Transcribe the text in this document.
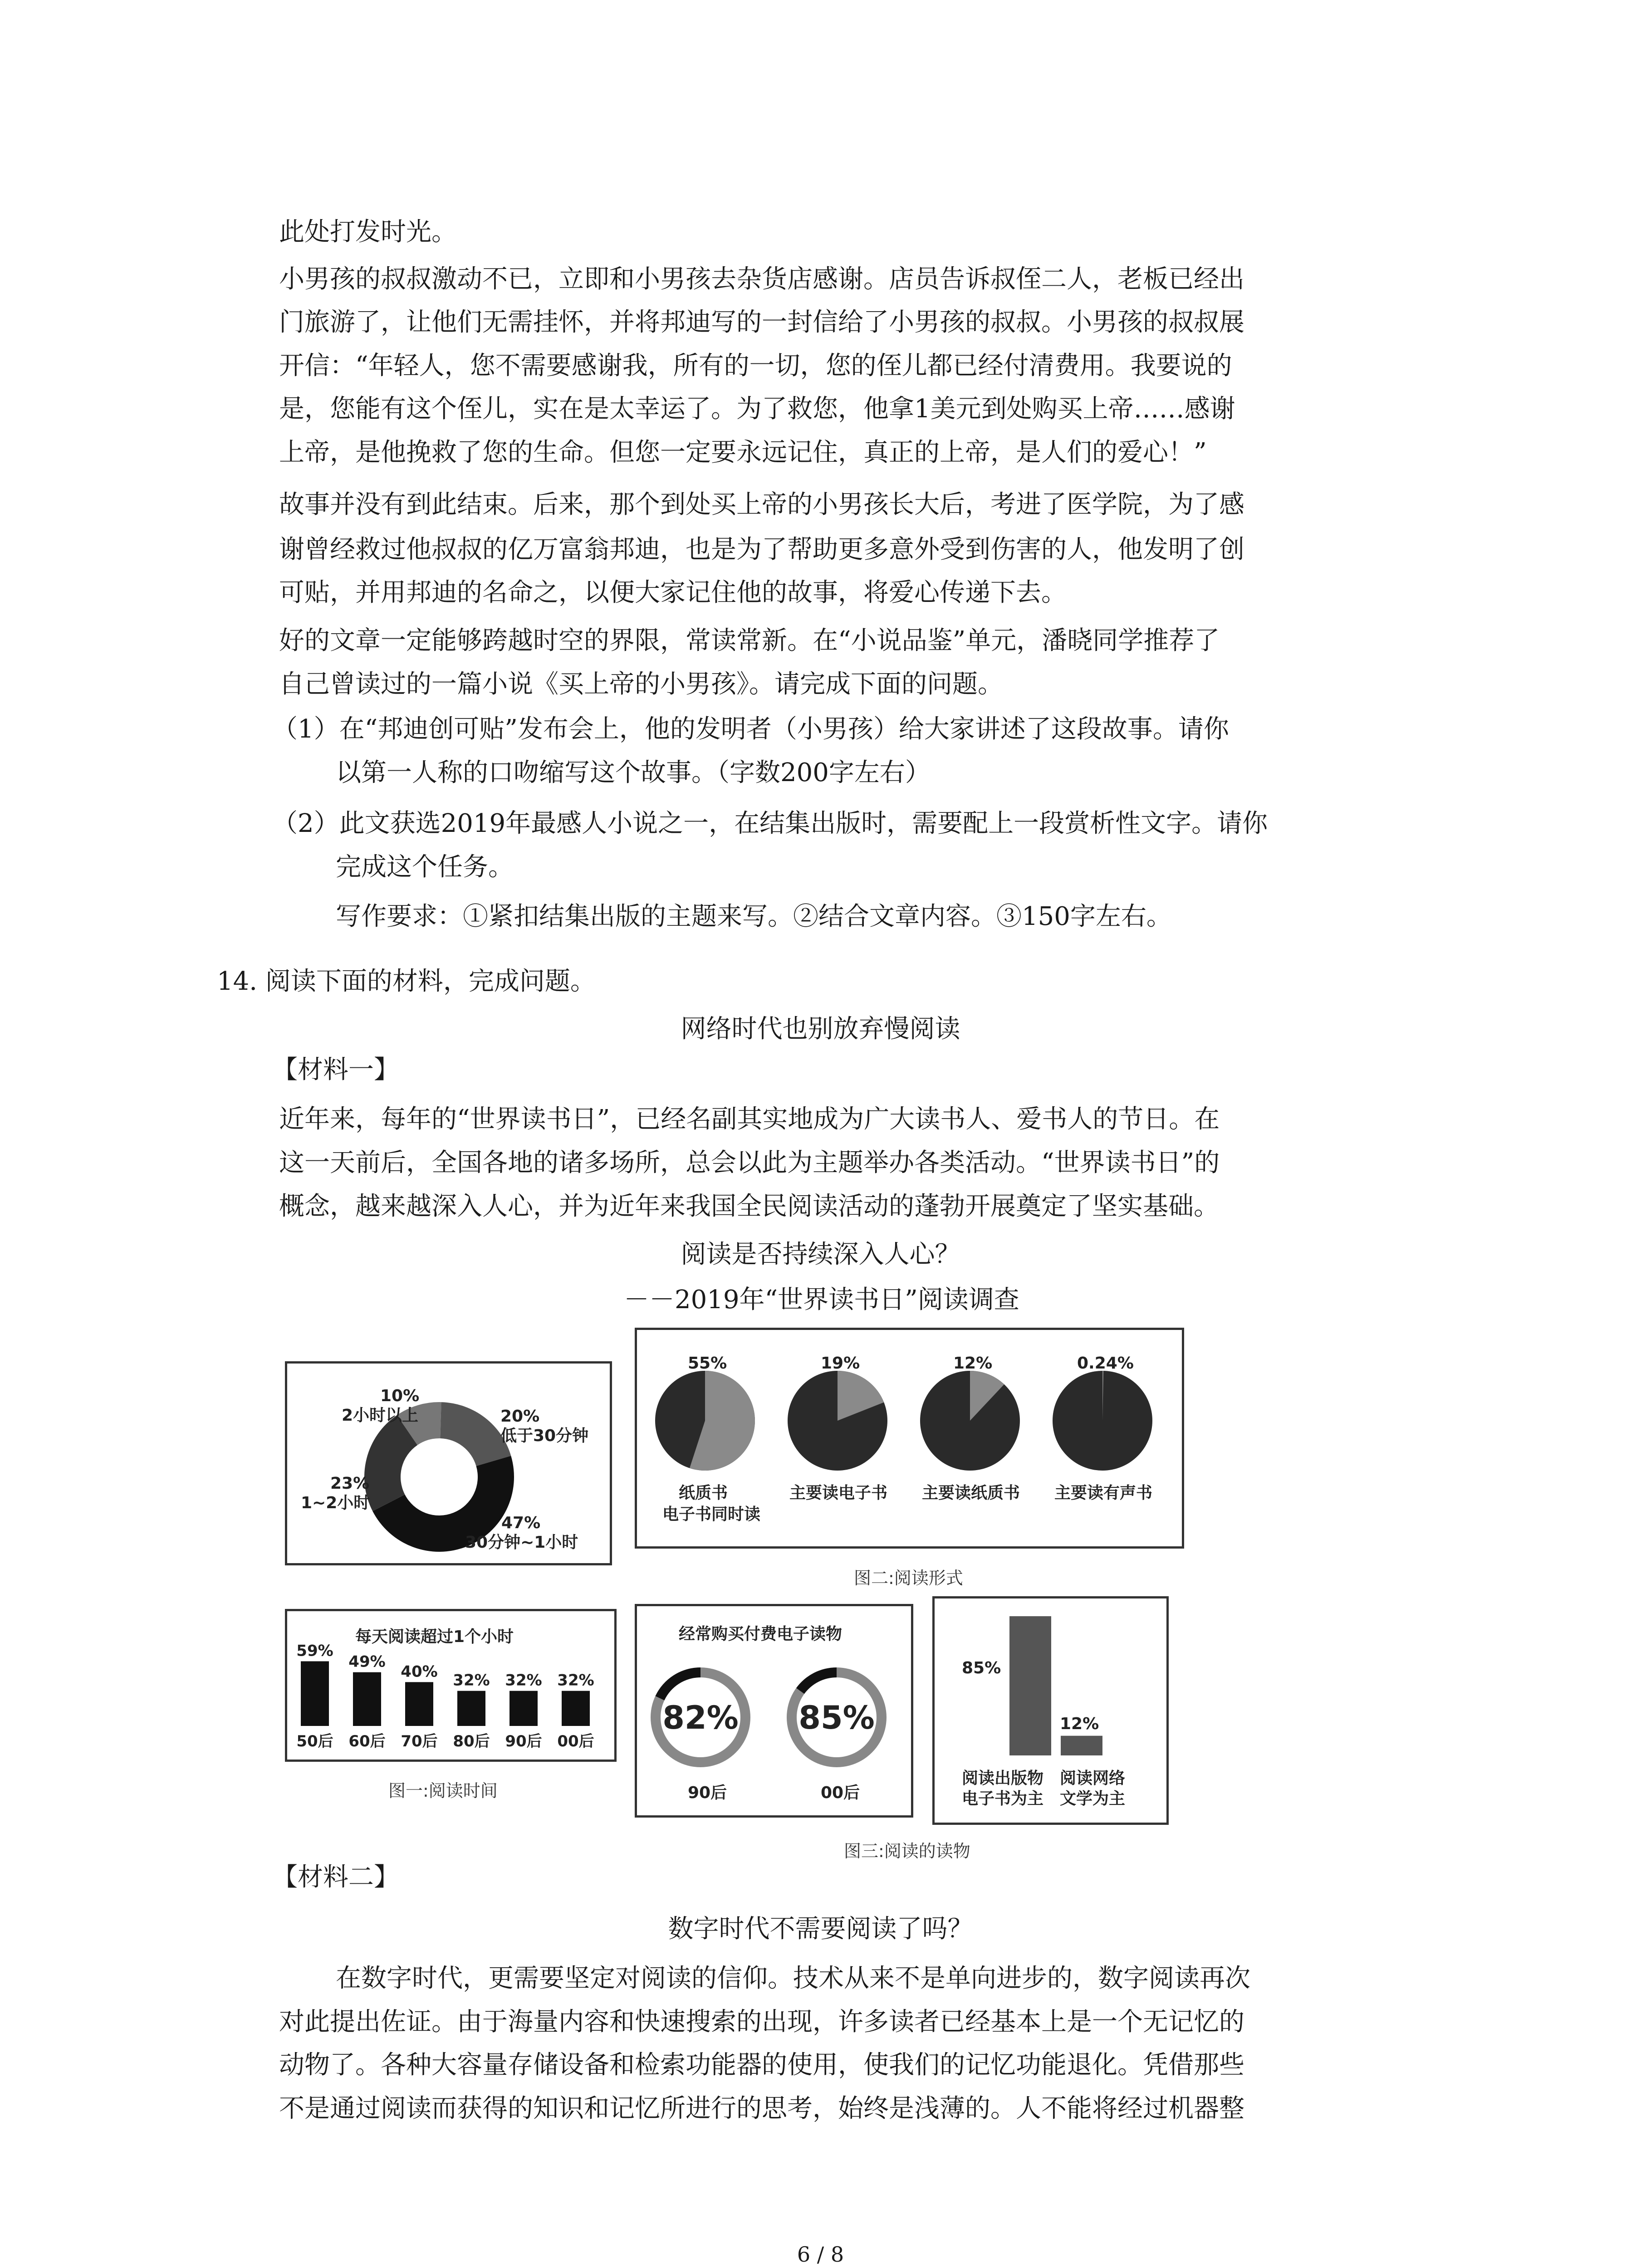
此处打发时光。

小男孩的叔叔激动不已，立即和小男孩去杂货店感谢。店员告诉叔侄二人，老板已经出

门旅游了，让他们无需挂怀，并将邦迪写的一封信给了小男孩的叔叔。小男孩的叔叔展

开信：“年轻人，您不需要感谢我，所有的一切，您的侄儿都已经付清费用。我要说的

是，您能有这个侄儿，实在是太幸运了。为了救您，他拿1美元到处购买上帝……感谢

上帝，是他挽救了您的生命。但您一定要永远记住，真正的上帝，是人们的爱心！”

故事并没有到此结束。后来，那个到处买上帝的小男孩长大后，考进了医学院，为了感

谢曾经救过他叔叔的亿万富翁邦迪，也是为了帮助更多意外受到伤害的人，他发明了创

可贴，并用邦迪的名命之，以便大家记住他的故事，将爱心传递下去。

好的文章一定能够跨越时空的界限，常读常新。在“小说品鉴”单元，潘晓同学推荐了

自己曾读过的一篇小说《买上帝的小男孩》。请完成下面的问题。

（1）在“邦迪创可贴”发布会上，他的发明者（小男孩）给大家讲述了这段故事。请你

以第一人称的口吻缩写这个故事。（字数200字左右）

（2）此文获选2019年最感人小说之一，在结集出版时，需要配上一段赏析性文字。请你

完成这个任务。

写作要求：①紧扣结集出版的主题来写。②结合文章内容。③150字左右。

14. 阅读下面的材料，完成问题。

网络时代也别放弃慢阅读

【材料一】

近年来，每年的“世界读书日”，已经名副其实地成为广大读书人、爱书人的节日。在

这一天前后，全国各地的诸多场所，总会以此为主题举办各类活动。“世界读书日”的

概念，越来越深入人心，并为近年来我国全民阅读活动的蓬勃开展奠定了坚实基础。

阅读是否持续深入人心？

－－2019年“世界读书日”阅读调查

10%
2小时以上	20%
低于30分钟
23%
1~2小时
47%
30分钟~1小时
55%	19%	12%	0.24%
纸质书
电子书同时读
主要读电子书 主要读纸质书 主要读有声书
图二:阅读形式
每天阅读超过1个小时
59%
50后
49%
60后
40%
70后
32%
80后
32%
90后
32%
00后
图一:阅读时间
经常购买付费电子读物
82% 85%
90后	00后
85%
12%
阅读出版物
电子书为主
阅读网络
文学为主
图三:阅读的读物

【材料二】

数字时代不需要阅读了吗？

在数字时代，更需要坚定对阅读的信仰。技术从来不是单向进步的，数字阅读再次

对此提出佐证。由于海量内容和快速搜索的出现，许多读者已经基本上是一个无记忆的

动物了。各种大容量存储设备和检索功能器的使用，使我们的记忆功能退化。凭借那些

不是通过阅读而获得的知识和记忆所进行的思考，始终是浅薄的。人不能将经过机器整

6 / 8
